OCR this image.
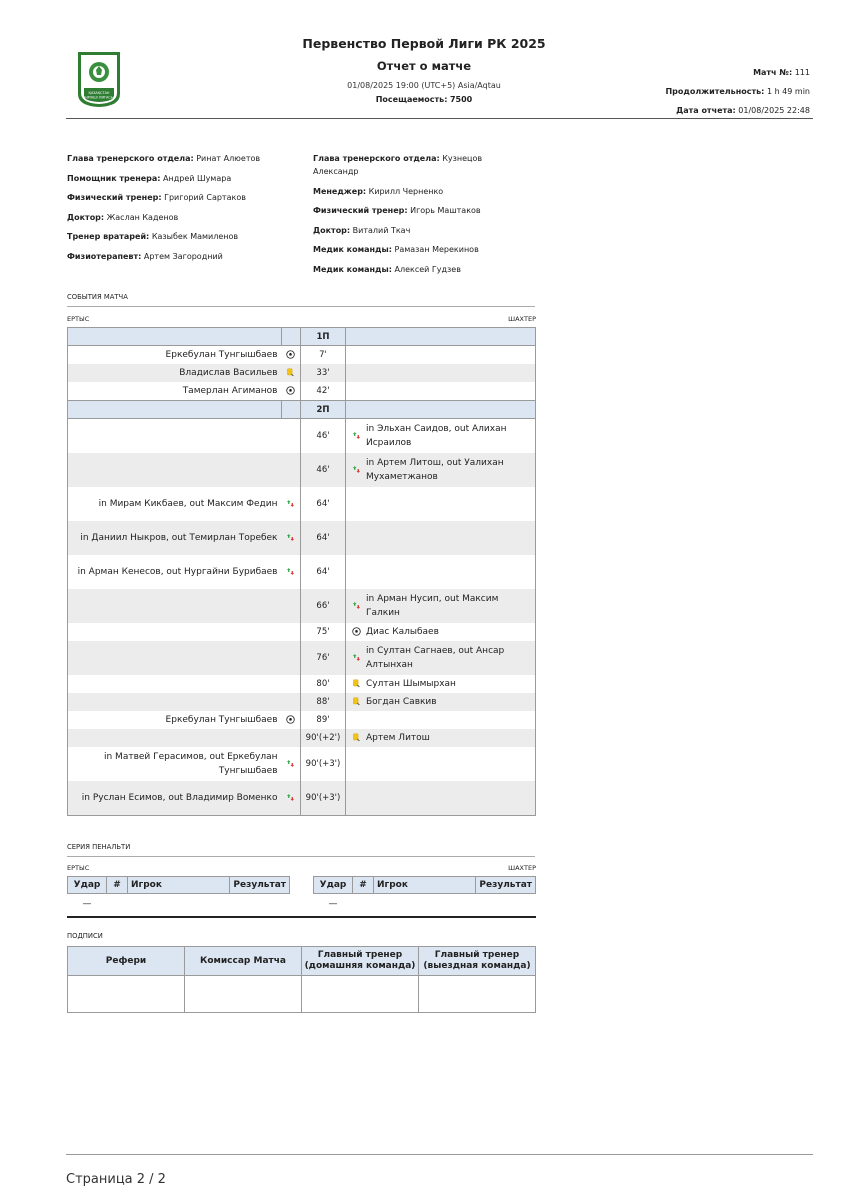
ҚАЗАҚСТАН
БІРІНШІ ЛИГАСЫ
Первенство Первой Лиги РК 2025
Отчет о матче
01/08/2025 19:00 (UTC+5) Asia/Aqtau
Посещаемость: 7500
Матч №: 111
Продолжительность: 1 h 49 min
Дата отчета: 01/08/2025 22:48
Глава тренерского отдела: Ринат Алюетов
Помощник тренера: Андрей Шумара
Физический тренер: Григорий Сартаков
Доктор: Жаслан Каденов
Тренер вратарей: Казыбек Мамиленов
Физиотерапевт: Артем Загородний
Глава тренерского отдела: Кузнецов Александр
Менеджер: Кирилл Черненко
Физический тренер: Игорь Маштаков
Доктор: Виталий Ткач
Медик команды: Рамазан Мерекинов
Медик команды: Алексей Гудзев
СОБЫТИЯ МАТЧА
ЕРТЫС	ШАХТЕР
		1П		
Еркебулан Тунгышбаев		7'		
Владислав Васильев		33'		
Тамерлан Агиманов		42'		
		2П		
		46'		in Эльхан Саидов, out Алихан Исраилов
		46'		in Артем Литош, out Уалихан Мухаметжанов
in Мирам Кикбаев, out Максим Федин		64'		
in Даниил Ныкров, out Темирлан Торебек		64'		
in Арман Кенесов, out Нургайни Бурибаев		64'		
		66'		in Арман Нусип, out Максим Галкин
		75'		Диас Калыбаев
		76'		in Султан Сагнаев, out Ансар Алтынхан
		80'		Султан Шымырхан
		88'		Богдан Савкив
Еркебулан Тунгышбаев		89'		
		90'(+2')		Артем Литош
in Матвей Герасимов, out Еркебулан Тунгышбаев		90'(+3')		
in Руслан Есимов, out Владимир Воменко		90'(+3')		
СЕРИЯ ПЕНАЛЬТИ
ЕРТЫС	ШАХТЕР
Удар	#	Игрок	Результат
—			
Удар	#	Игрок	Результат
—			
ПОДПИСИ
Рефери	Комиссар Матча	Главный тренер (домашняя команда)	Главный тренер (выездная команда)

Страница 2 / 2
